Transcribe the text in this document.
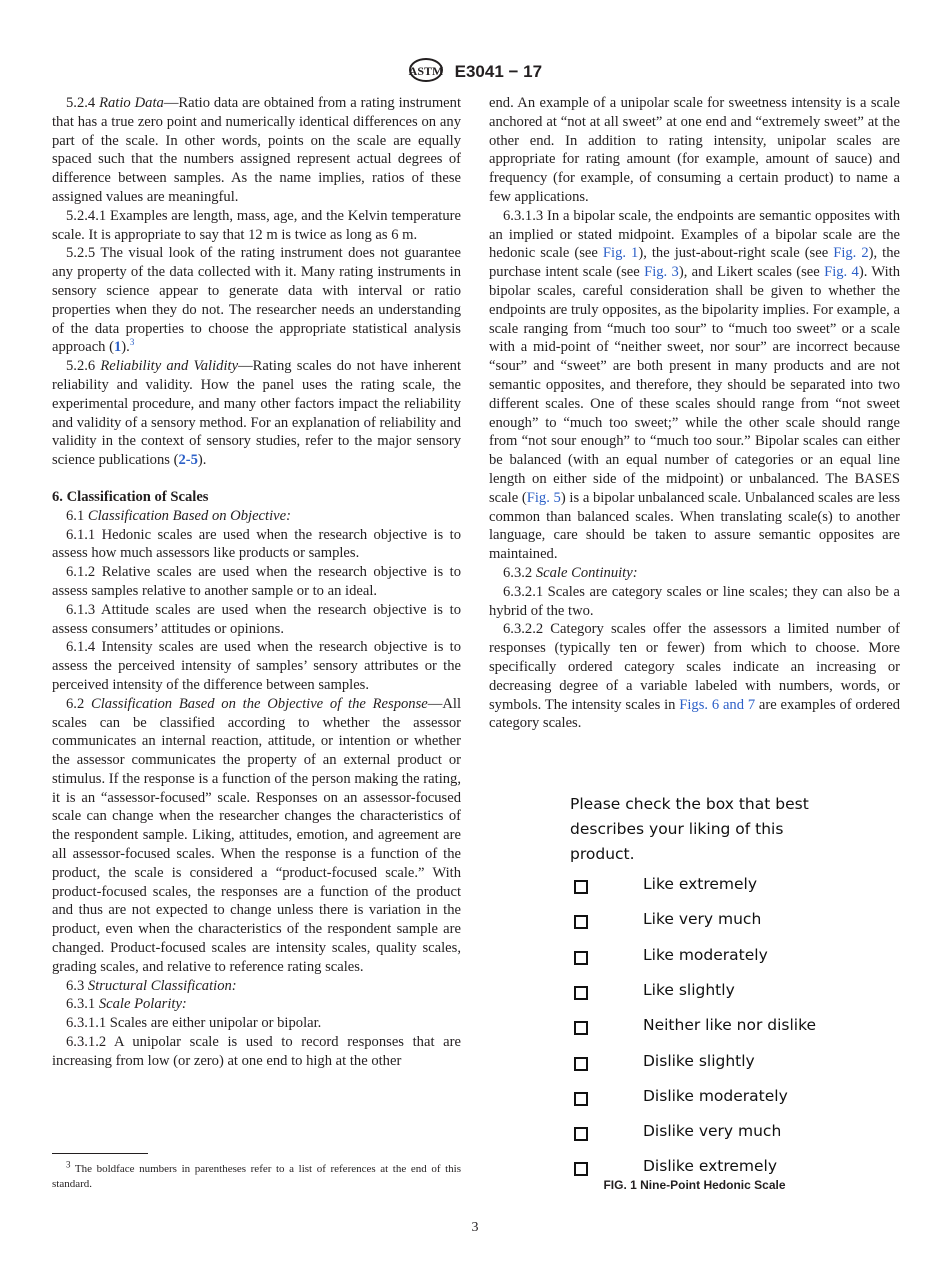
ASTM E3041 − 17

5.2.4 Ratio Data—Ratio data are obtained from a rating instrument that has a true zero point and numerically identical differences on any part of the scale. In other words, points on the scale are equally spaced such that the numbers assigned represent actual degrees of difference between samples. As the name implies, ratios of these assigned values are meaningful.

5.2.4.1 Examples are length, mass, age, and the Kelvin temperature scale. It is appropriate to say that 12 m is twice as long as 6 m.

5.2.5 The visual look of the rating instrument does not guarantee any property of the data collected with it. Many rating instruments in sensory science appear to generate data with interval or ratio properties when they do not. The researcher needs an understanding of the data properties to choose the appropriate statistical analysis approach (1).$^3$

5.2.6 Reliability and Validity—Rating scales do not have inherent reliability and validity. How the panel uses the rating scale, the experimental procedure, and many other factors impact the reliability and validity of a sensory method. For an explanation of reliability and validity in the context of sensory studies, refer to the major sensory science publications (2-5).

6. Classification of Scales

6.1 Classification Based on Objective:

6.1.1 Hedonic scales are used when the research objective is to assess how much assessors like products or samples.

6.1.2 Relative scales are used when the research objective is to assess samples relative to another sample or to an ideal.

6.1.3 Attitude scales are used when the research objective is to assess consumers’ attitudes or opinions.

6.1.4 Intensity scales are used when the research objective is to assess the perceived intensity of samples’ sensory attributes or the perceived intensity of the difference between samples.

6.2 Classification Based on the Objective of the Response—All scales can be classified according to whether the assessor communicates an internal reaction, attitude, or intention or whether the assessor communicates the property of an external product or stimulus. If the response is a function of the person making the rating, it is an “assessor-focused” scale. Responses on an assessor-focused scale can change when the researcher changes the characteristics of the respondent sample. Liking, attitudes, emotion, and agreement are all assessor-focused scales. When the response is a function of the product, the scale is considered a “product-focused scale.” With product-focused scales, the responses are a function of the product and thus are not expected to change unless there is variation in the product, even when the characteristics of the respondent sample are changed. Product-focused scales are intensity scales, quality scales, grading scales, and relative to reference rating scales.

6.3 Structural Classification:

6.3.1 Scale Polarity:

6.3.1.1 Scales are either unipolar or bipolar.

6.3.1.2 A unipolar scale is used to record responses that are increasing from low (or zero) at one end to high at the other

end. An example of a unipolar scale for sweetness intensity is a scale anchored at “not at all sweet” at one end and “extremely sweet” at the other end. In addition to rating intensity, unipolar scales are appropriate for rating amount (for example, amount of sauce) and frequency (for example, of consuming a certain product) to name a few applications.

6.3.1.3 In a bipolar scale, the endpoints are semantic opposites with an implied or stated midpoint. Examples of a bipolar scale are the hedonic scale (see Fig. 1), the just-about-right scale (see Fig. 2), the purchase intent scale (see Fig. 3), and Likert scales (see Fig. 4). With bipolar scales, careful consideration shall be given to whether the endpoints are truly opposites, as the bipolarity implies. For example, a scale ranging from “much too sour” to “much too sweet” or a scale with a mid-point of “neither sweet, nor sour” are incorrect because “sour” and “sweet” are both present in many products and are not semantic opposites, and therefore, they should be separated into two different scales. One of these scales should range from “not sweet enough” to “much too sweet;” while the other scale should range from “not sour enough” to “much too sour.” Bipolar scales can either be balanced (with an equal number of categories or an equal line length on either side of the midpoint) or unbalanced. The BASES scale (Fig. 5) is a bipolar unbalanced scale. Unbalanced scales are less common than balanced scales. When translating scale(s) to another language, care should be taken to assure semantic opposites are maintained.

6.3.2 Scale Continuity:

6.3.2.1 Scales are category scales or line scales; they can also be a hybrid of the two.

6.3.2.2 Category scales offer the assessors a limited number of responses (typically ten or fewer) from which to choose. More specifically ordered category scales indicate an increasing or decreasing degree of a variable labeled with numbers, words, or symbols. The intensity scales in Figs. 6 and 7 are examples of ordered category scales.

Please check the box that best describes your liking of this product.
Like extremely
Like very much
Like moderately
Like slightly
Neither like nor dislike
Dislike slightly
Dislike moderately
Dislike very much
Dislike extremely
FIG. 1 Nine-Point Hedonic Scale
$^3$ The boldface numbers in parentheses refer to a list of references at the end of this standard.
3
